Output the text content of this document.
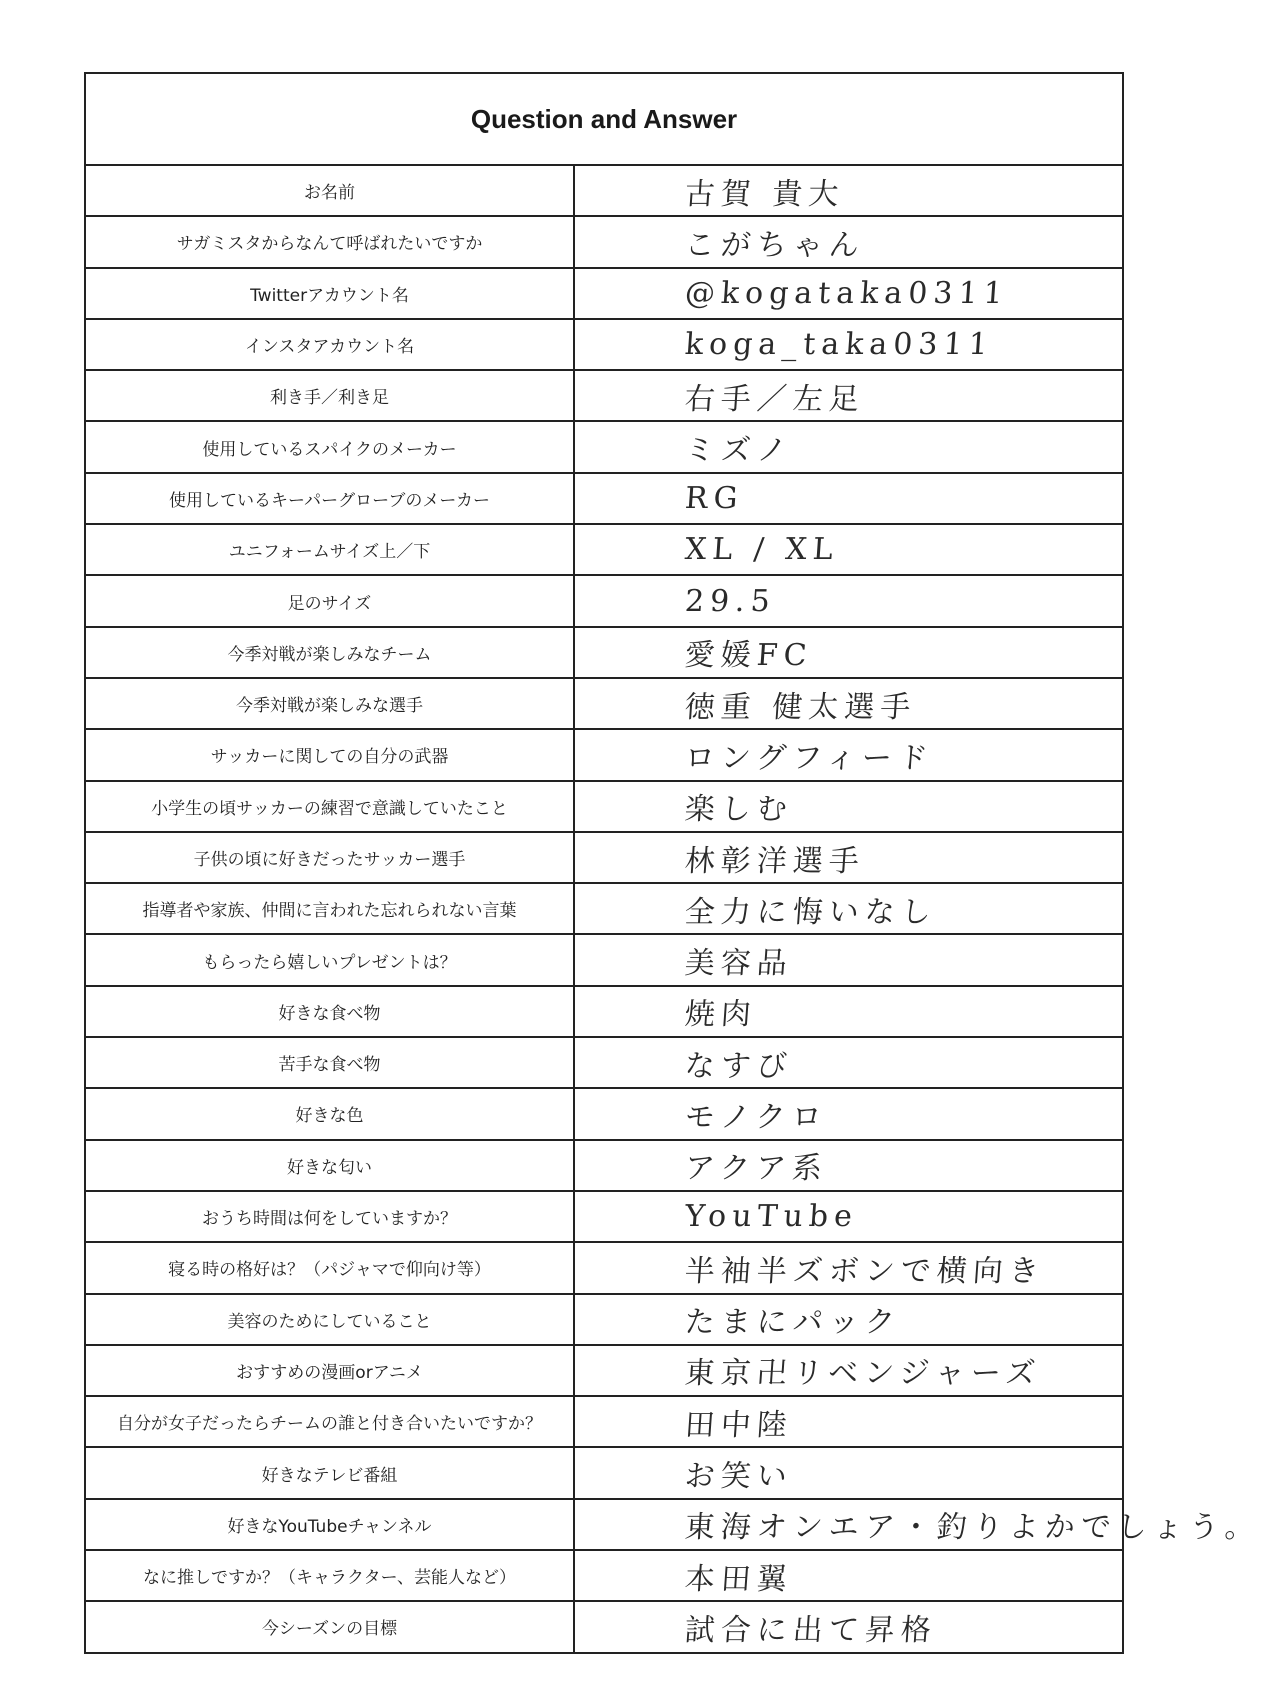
Question and Answer
お名前	古賀 貴大
サガミスタからなんて呼ばれたいですか	こがちゃん
Twitterアカウント名	@kogataka0311
インスタアカウント名	koga_taka0311
利き手／利き足	右手／左足
使用しているスパイクのメーカー	ミズノ
使用しているキーパーグローブのメーカー	RG
ユニフォームサイズ上／下	XL / XL
足のサイズ	29.5
今季対戦が楽しみなチーム	愛媛FC
今季対戦が楽しみな選手	徳重 健太選手
サッカーに関しての自分の武器	ロングフィード
小学生の頃サッカーの練習で意識していたこと	楽しむ
子供の頃に好きだったサッカー選手	林彰洋選手
指導者や家族、仲間に言われた忘れられない言葉	全力に悔いなし
もらったら嬉しいプレゼントは？	美容品
好きな食べ物	焼肉
苦手な食べ物	なすび
好きな色	モノクロ
好きな匂い	アクア系
おうち時間は何をしていますか？	YouTube
寝る時の格好は？（パジャマで仰向け等）	半袖半ズボンで横向き
美容のためにしていること	たまにパック
おすすめの漫画orアニメ	東京卍リベンジャーズ
自分が女子だったらチームの誰と付き合いたいですか？	田中陸
好きなテレビ番組	お笑い
好きなYouTubeチャンネル	東海オンエア・釣りよかでしょう。
なに推しですか？（キャラクター、芸能人など）	本田翼
今シーズンの目標	試合に出て昇格
